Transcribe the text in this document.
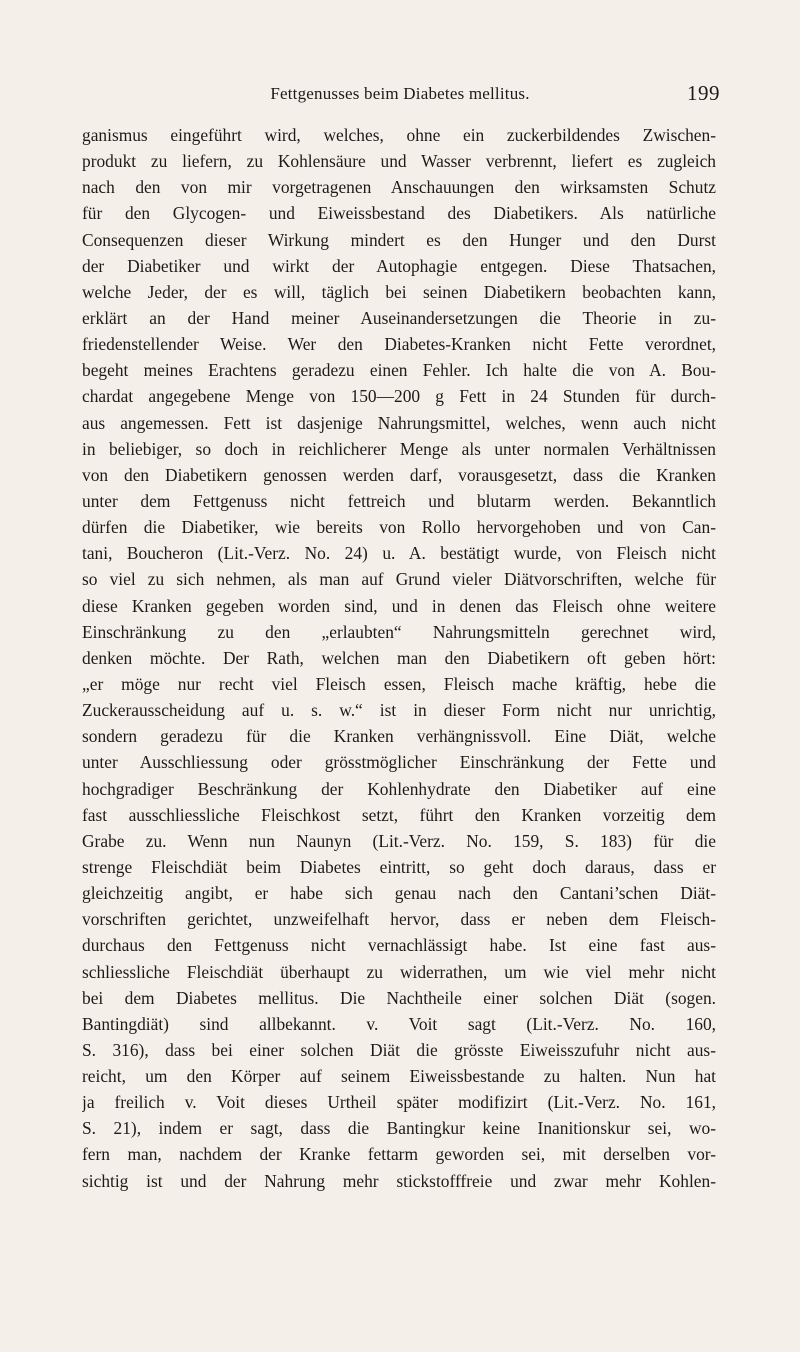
Fettgenusses beim Diabetes mellitus.	199
ganismus eingeführt wird, welches, ohne ein zuckerbildendes Zwischen-
produkt zu liefern, zu Kohlensäure und Wasser verbrennt, liefert es zugleich
nach den von mir vorgetragenen Anschauungen den wirksamsten Schutz
für den Glycogen- und Eiweissbestand des Diabetikers. Als natürliche
Consequenzen dieser Wirkung mindert es den Hunger und den Durst
der Diabetiker und wirkt der Autophagie entgegen. Diese Thatsachen,
welche Jeder, der es will, täglich bei seinen Diabetikern beobachten kann,
erklärt an der Hand meiner Auseinandersetzungen die Theorie in zu-
friedenstellender Weise. Wer den Diabetes-Kranken nicht Fette verordnet,
begeht meines Erachtens geradezu einen Fehler. Ich halte die von A. Bou-
chardat angegebene Menge von 150—200 g Fett in 24 Stunden für durch-
aus angemessen. Fett ist dasjenige Nahrungsmittel, welches, wenn auch nicht
in beliebiger, so doch in reichlicherer Menge als unter normalen Verhältnissen
von den Diabetikern genossen werden darf, vorausgesetzt, dass die Kranken
unter dem Fettgenuss nicht fettreich und blutarm werden. Bekanntlich
dürfen die Diabetiker, wie bereits von Rollo hervorgehoben und von Can-
tani, Boucheron (Lit.-Verz. No. 24) u. A. bestätigt wurde, von Fleisch nicht
so viel zu sich nehmen, als man auf Grund vieler Diätvorschriften, welche für
diese Kranken gegeben worden sind, und in denen das Fleisch ohne weitere
Einschränkung zu den „erlaubten“ Nahrungsmitteln gerechnet wird,
denken möchte. Der Rath, welchen man den Diabetikern oft geben hört:
„er möge nur recht viel Fleisch essen, Fleisch mache kräftig, hebe die
Zuckerausscheidung auf u. s. w.“ ist in dieser Form nicht nur unrichtig,
sondern geradezu für die Kranken verhängnissvoll. Eine Diät, welche
unter Ausschliessung oder grösstmöglicher Einschränkung der Fette und
hochgradiger Beschränkung der Kohlenhydrate den Diabetiker auf eine
fast ausschliessliche Fleischkost setzt, führt den Kranken vorzeitig dem
Grabe zu. Wenn nun Naunyn (Lit.-Verz. No. 159, S. 183) für die
strenge Fleischdiät beim Diabetes eintritt, so geht doch daraus, dass er
gleichzeitig angibt, er habe sich genau nach den Cantani’schen Diät-
vorschriften gerichtet, unzweifelhaft hervor, dass er neben dem Fleisch-
durchaus den Fettgenuss nicht vernachlässigt habe. Ist eine fast aus-
schliessliche Fleischdiät überhaupt zu widerrathen, um wie viel mehr nicht
bei dem Diabetes mellitus. Die Nachtheile einer solchen Diät (sogen.
Bantingdiät) sind allbekannt. v. Voit sagt (Lit.-Verz. No. 160,
S. 316), dass bei einer solchen Diät die grösste Eiweisszufuhr nicht aus-
reicht, um den Körper auf seinem Eiweissbestande zu halten. Nun hat
ja freilich v. Voit dieses Urtheil später modifizirt (Lit.-Verz. No. 161,
S. 21), indem er sagt, dass die Bantingkur keine Inanitionskur sei, wo-
fern man, nachdem der Kranke fettarm geworden sei, mit derselben vor-
sichtig ist und der Nahrung mehr stickstofffreie und zwar mehr Kohlen-
